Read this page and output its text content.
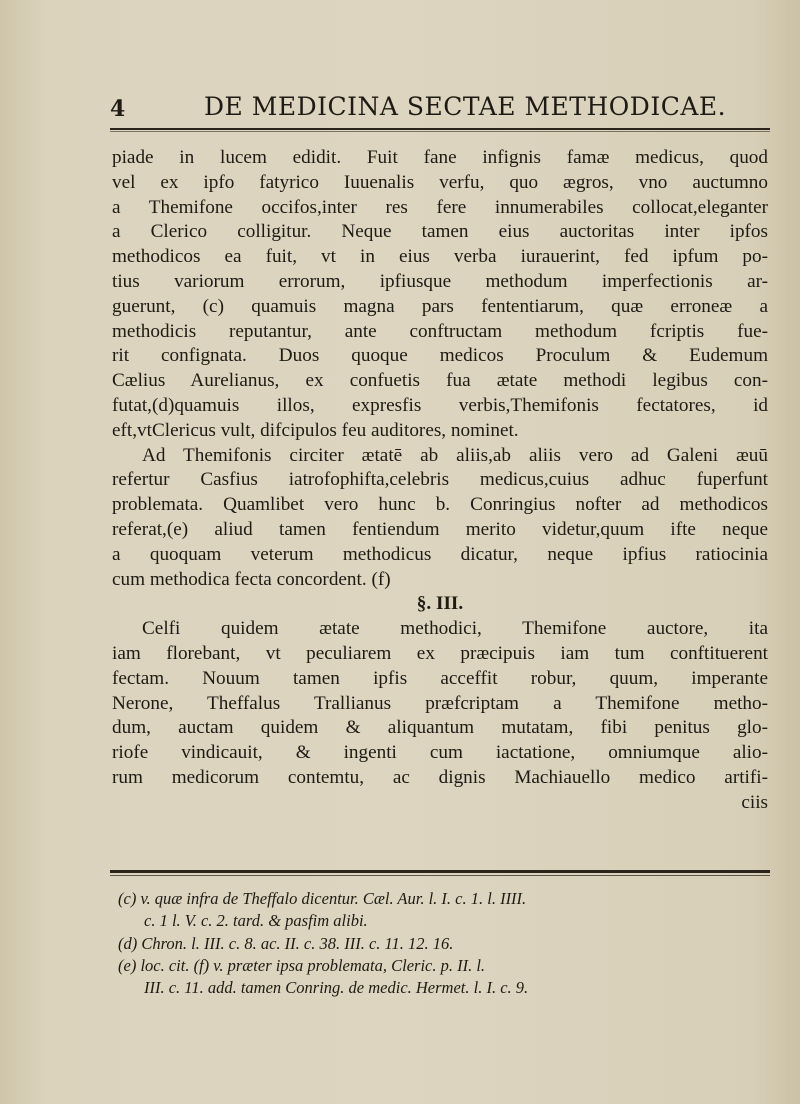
4	DE MEDICINA SECTAE METHODICAE.
piade in lucem edidit. Fuit fane infignis famæ medicus, quod
vel ex ipfo fatyrico Iuuenalis verfu, quo ægros, vno auctumno
a Themifone occifos,inter res fere innumerabiles collocat,eleganter
a Clerico colligitur. Neque tamen eius auctoritas inter ipfos
methodicos ea fuit, vt in eius verba iurauerint, fed ipfum po-
tius variorum errorum, ipfiusque methodum imperfectionis ar-
guerunt, (c) quamuis magna pars fententiarum, quæ erroneæ a
methodicis reputantur, ante conftructam methodum fcriptis fue-
rit confignata. Duos quoque medicos Proculum & Eudemum
Cælius Aurelianus, ex confuetis fua ætate methodi legibus con-
futat,(d)quamuis illos, expresfis verbis,Themifonis fectatores, id
eft,vtClericus vult, difcipulos feu auditores, nominet.
Ad Themifonis circiter ætatē ab aliis,ab aliis vero ad Galeni æuū
refertur Casfius iatrofophifta,celebris medicus,cuius adhuc fuperfunt
problemata. Quamlibet vero hunc b. Conringius nofter ad methodicos
referat,(e) aliud tamen fentiendum merito videtur,quum ifte neque
a quoquam veterum methodicus dicatur, neque ipfius ratiocinia
cum methodica fecta concordent. (f)
§. III.
Celfi quidem ætate methodici, Themifone auctore, ita
iam florebant, vt peculiarem ex præcipuis iam tum conftituerent
fectam. Nouum tamen ipfis acceffit robur, quum, imperante
Nerone, Theffalus Trallianus præfcriptam a Themifone metho-
dum, auctam quidem & aliquantum mutatam, fibi penitus glo-
riofe vindicauit, & ingenti cum iactatione, omniumque alio-
rum medicorum contemtu, ac dignis Machiauello medico artifi-
ciis
(c) v. quæ infra de Theffalo dicentur. Cæl. Aur. l. I. c. 1. l. IIII.
c. 1 l. V. c. 2. tard. & pasfim alibi.
(d) Chron. l. III. c. 8. ac. II. c. 38. III. c. 11. 12. 16.
(e) loc. cit. (f) v. præter ipsa problemata, Cleric. p. II. l.
III. c. 11. add. tamen Conring. de medic. Hermet. l. I. c. 9.
